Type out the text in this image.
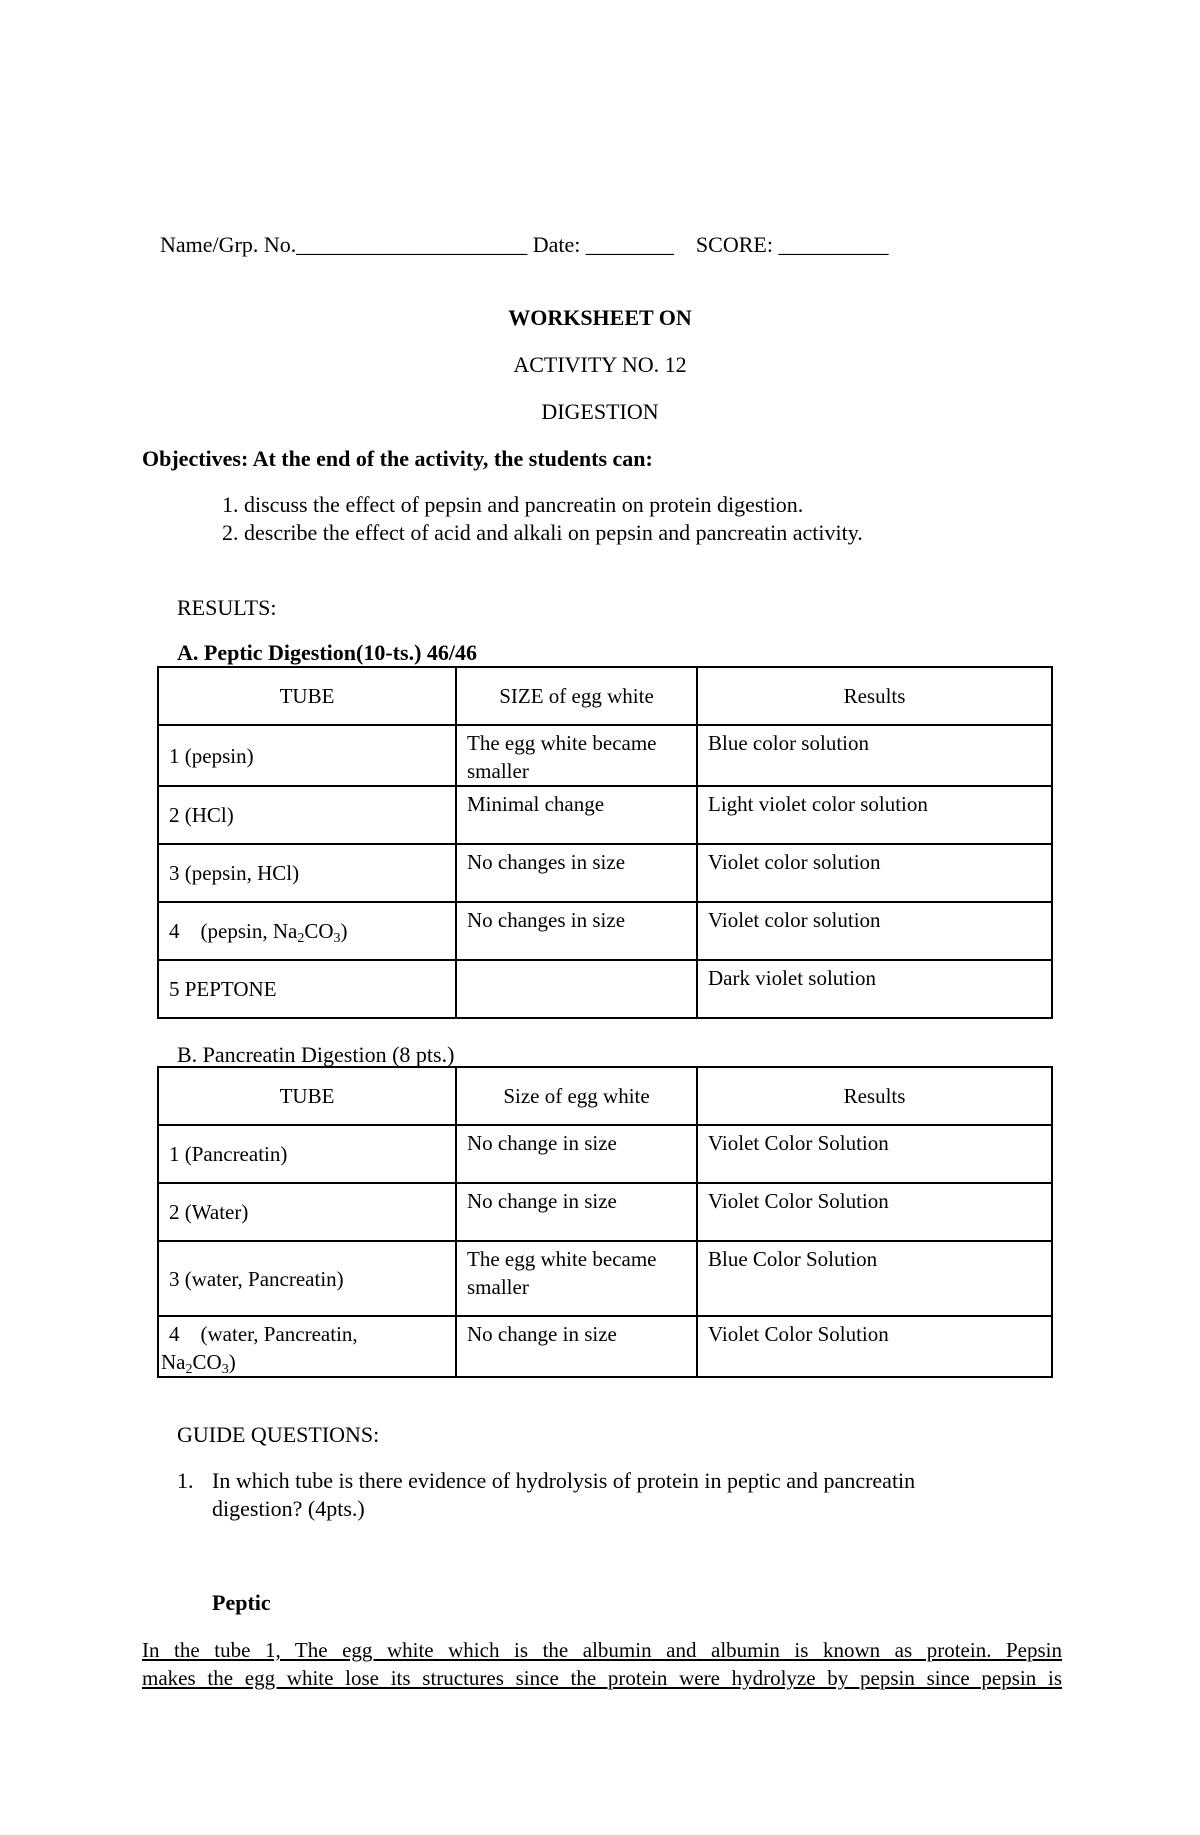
Name/Grp. No._____________________ Date: ________ SCORE: __________
WORKSHEET ON
ACTIVITY NO. 12
DIGESTION
Objectives: At the end of the activity, the students can:
1. discuss the effect of pepsin and pancreatin on protein digestion.
2. describe the effect of acid and alkali on pepsin and pancreatin activity.
RESULTS:
A. Peptic Digestion(10-ts.) 46/46
TUBE	SIZE of egg white	Results
1 (pepsin)	The egg white became smaller	Blue color solution
2 (HCl)	Minimal change	Light violet color solution
3 (pepsin, HCl)	No changes in size	Violet color solution
4    (pepsin, $Na_2CO_3$)	No changes in size	Violet color solution
5 PEPTONE		Dark violet solution
B. Pancreatin Digestion (8 pts.)
TUBE	Size of egg white	Results
1 (Pancreatin)	No change in size	Violet Color Solution
2 (Water)	No change in size	Violet Color Solution
3 (water, Pancreatin)	The egg white became smaller	Blue Color Solution

4    (water, Pancreatin,
$Na_2CO_3$)	No change in size	Violet Color Solution
GUIDE QUESTIONS:
1. In which tube is there evidence of hydrolysis of protein in peptic and pancreatin
digestion? (4pts.)
Peptic
In the tube 1, The egg white which is the albumin and albumin is known as protein. Pepsin
makes the egg white lose its structures since the protein were hydrolyze by pepsin since pepsin is
